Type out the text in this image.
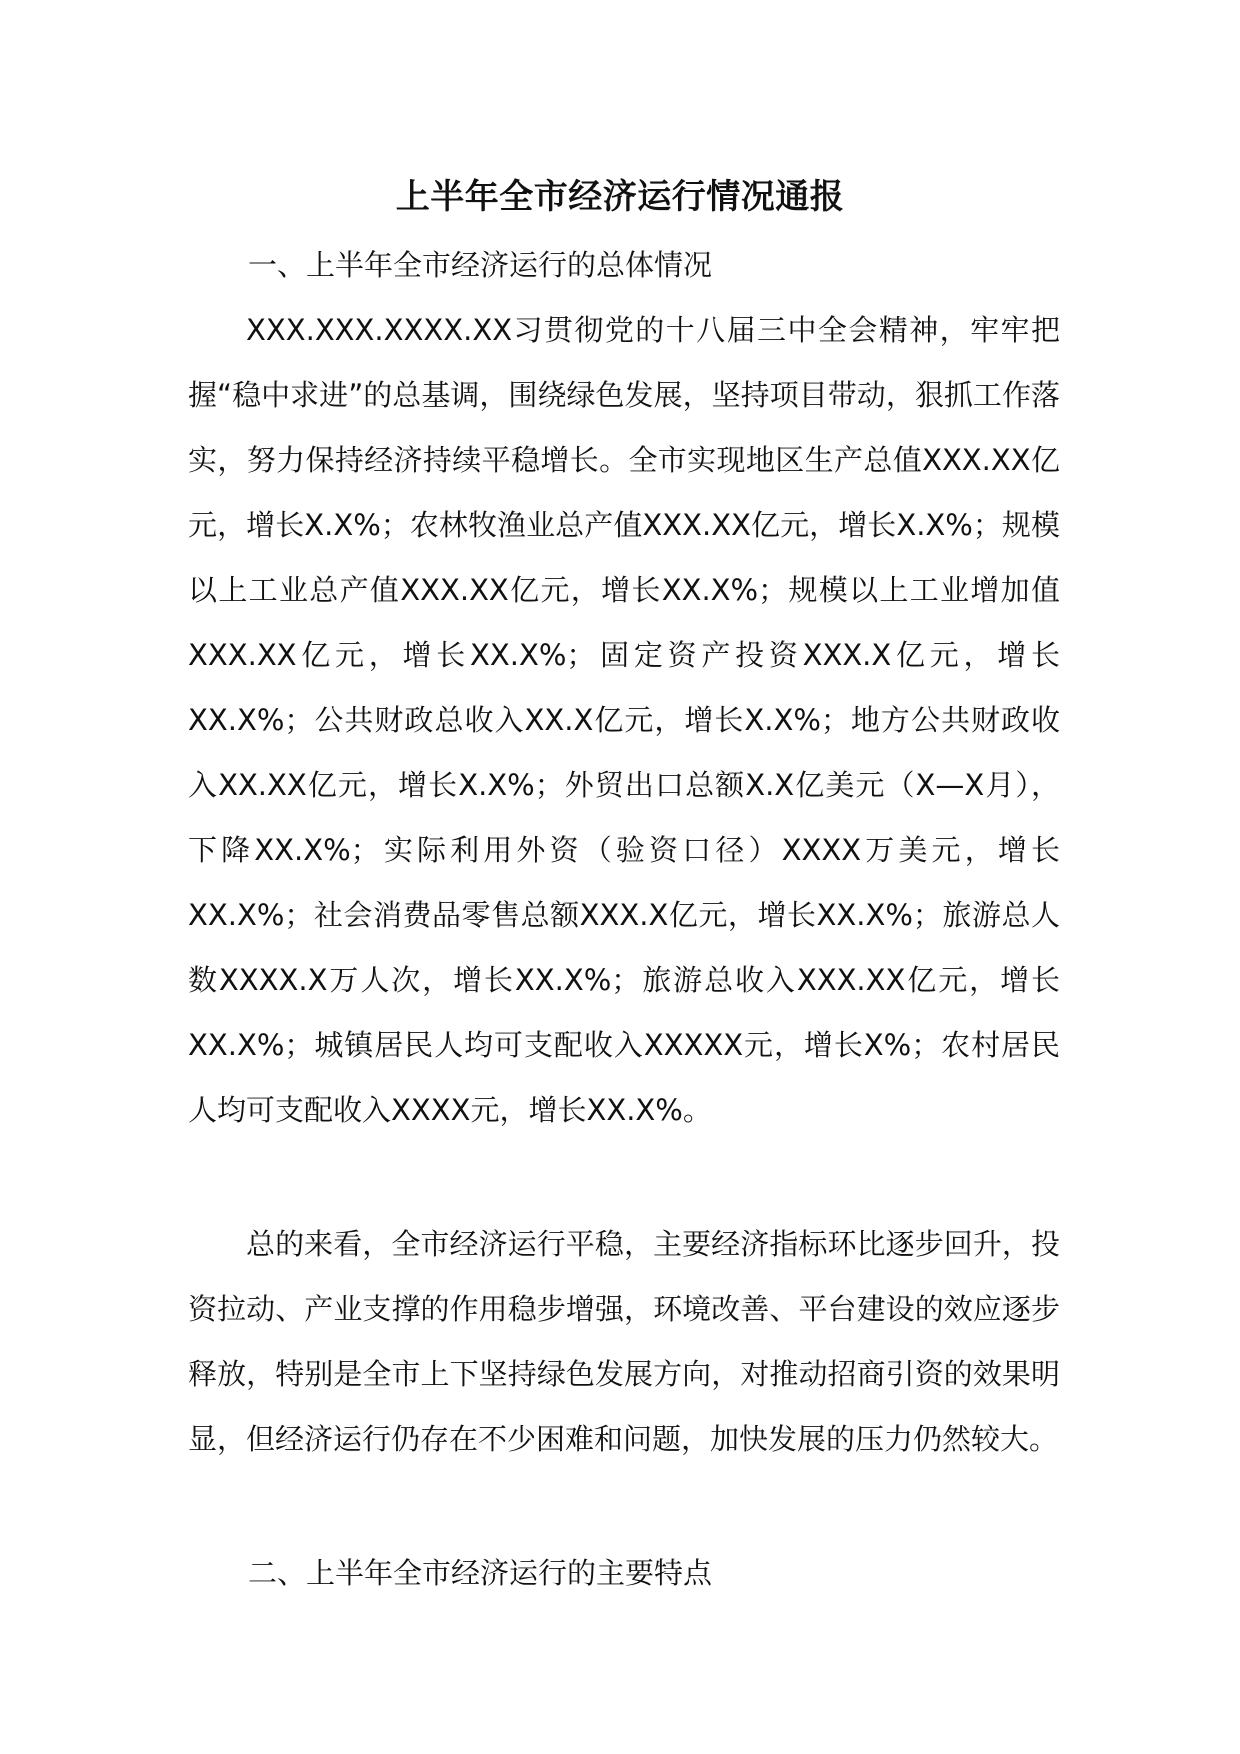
上半年全市经济运行情况通报
一、上半年全市经济运行的总体情况

XXX.XXX.XXXX.XX习贯彻党的十八届三中全会精神，牢牢把握“稳中求进”的总基调，围绕绿色发展，坚持项目带动，狠抓工作落实，努力保持经济持续平稳增长。全市实现地区生产总值XXX.XX亿元，增长X.X%；农林牧渔业总产值XXX.XX亿元，增长X.X%；规模以上工业总产值XXX.XX亿元，增长XX.X%；规模以上工业增加值XXX.XX亿元，增长XX.X%；固定资产投资XXX.X亿元，增长XX.X%；公共财政总收入XX.X亿元，增长X.X%；地方公共财政收入XX.XX亿元，增长X.X%；外贸出口总额X.X亿美元（X—X月），下降XX.X%；实际利用外资（验资口径）XXXX万美元，增长XX.X%；社会消费品零售总额XXX.X亿元，增长XX.X%；旅游总人数XXXX.X万人次，增长XX.X%；旅游总收入XXX.XX亿元，增长XX.X%；城镇居民人均可支配收入XXXXX元，增长X%；农村居民人均可支配收入XXXX元，增长XX.X%。

总的来看，全市经济运行平稳，主要经济指标环比逐步回升，投资拉动、产业支撑的作用稳步增强，环境改善、平台建设的效应逐步释放，特别是全市上下坚持绿色发展方向，对推动招商引资的效果明显，但经济运行仍存在不少困难和问题，加快发展的压力仍然较大。

二、上半年全市经济运行的主要特点
